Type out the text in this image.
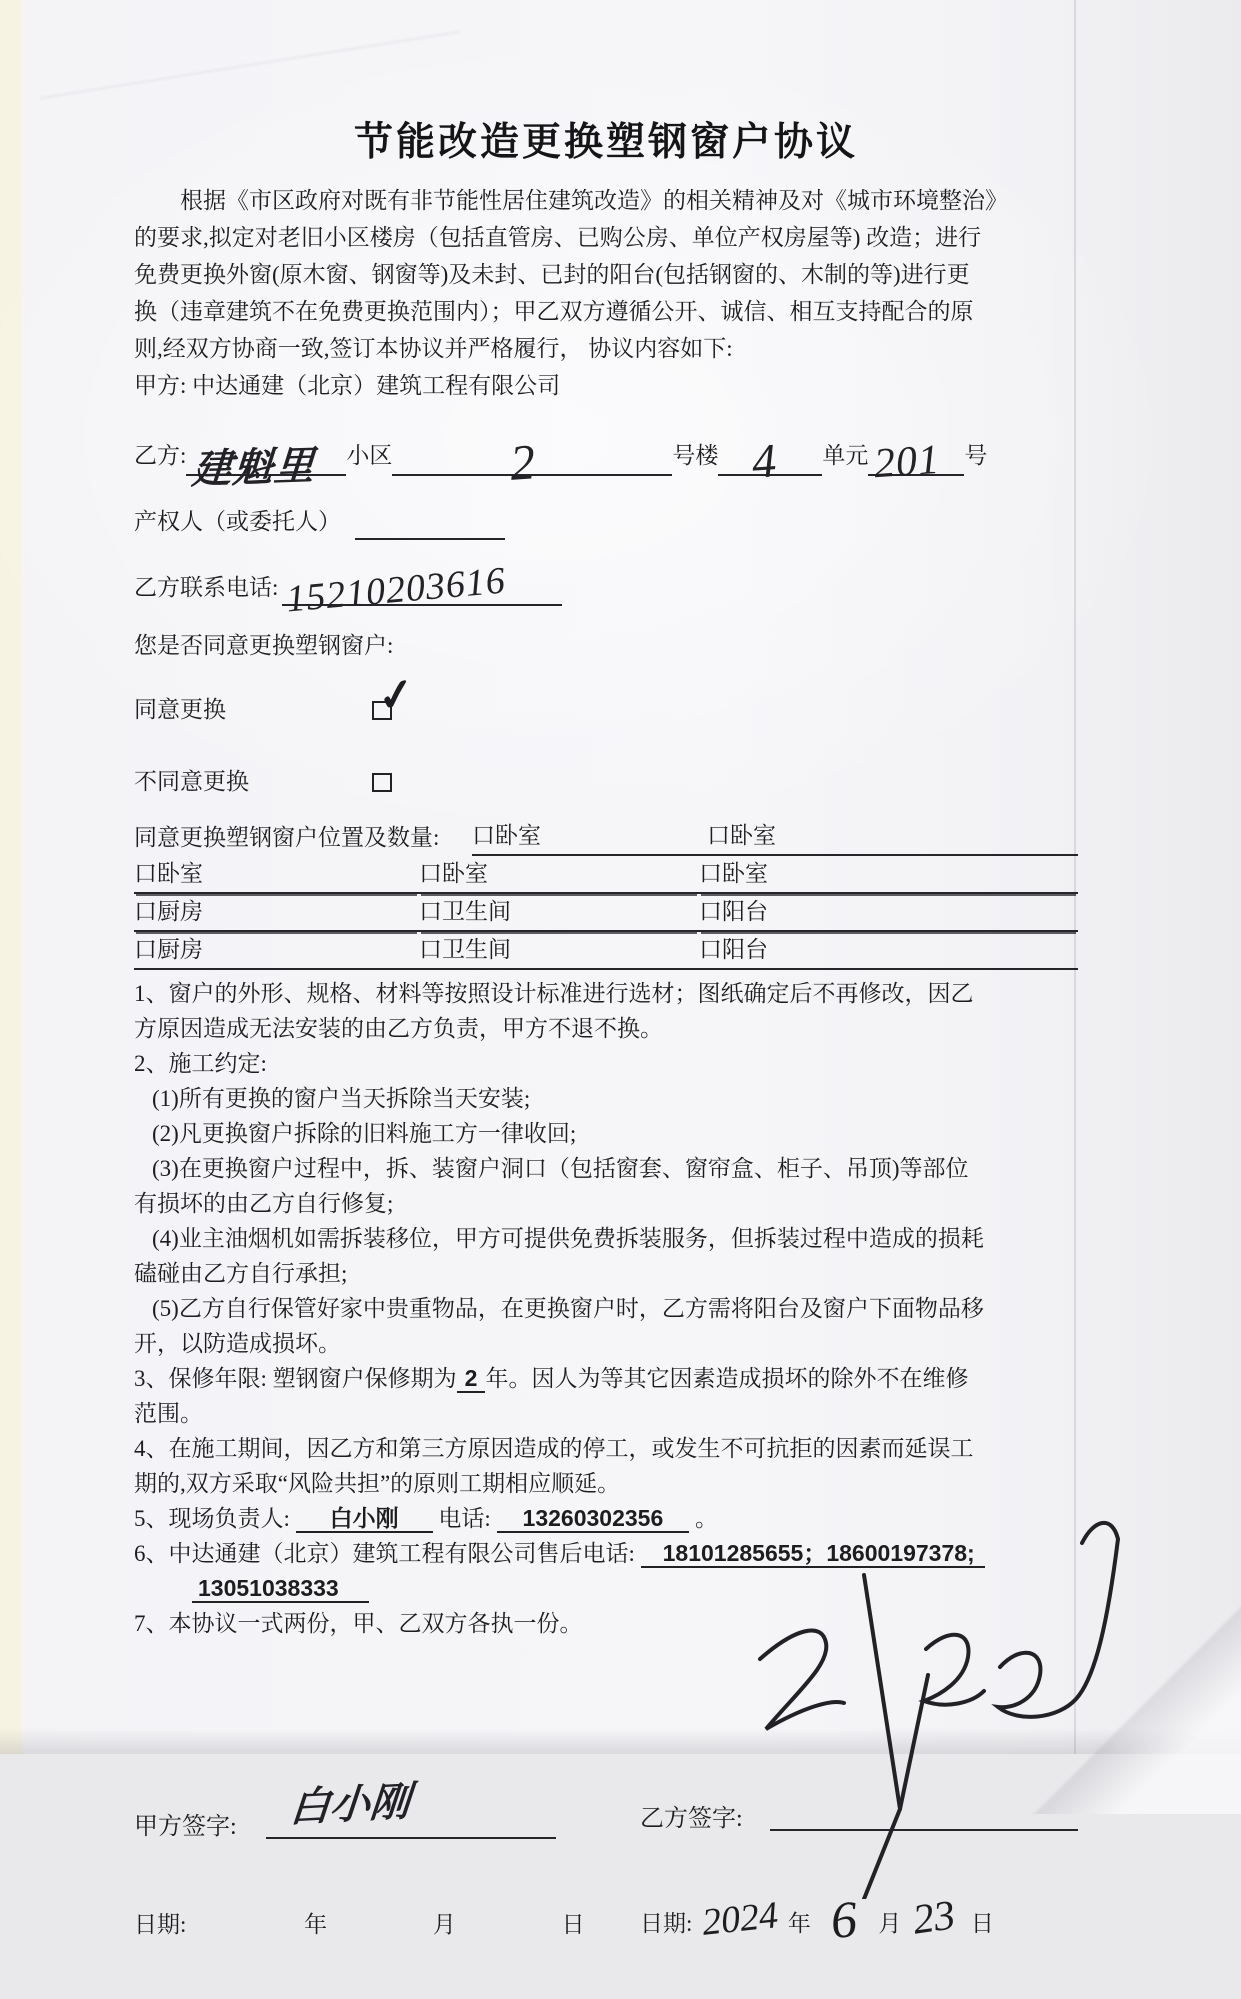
节能改造更换塑钢窗户协议
根据《市区政府对既有非节能性居住建筑改造》的相关精神及对《城市环境整治》
的要求,拟定对老旧小区楼房（包括直管房、已购公房、单位产权房屋等) 改造；进行
免费更换外窗(原木窗、钢窗等)及未封、已封的阳台(包括钢窗的、木制的等)进行更
换（违章建筑不在免费更换范围内）；甲乙双方遵循公开、诚信、相互支持配合的原
则,经双方协商一致,签订本协议并严格履行， 协议内容如下:
甲方: 中达通建（北京）建筑工程有限公司
乙方: 建魁里 小区 2	号楼 4 单元 201 号
产权人（或委托人）
乙方联系电话: 15210203616
您是否同意更换塑钢窗户:
同意更换	✓
不同意更换
同意更换塑钢窗户位置及数量:	口卧室	口卧室
口卧室	口卧室	口卧室
口厨房	口卫生间	口阳台
口厨房	口卫生间	口阳台
1、窗户的外形、规格、材料等按照设计标准进行选材；图纸确定后不再修改，因乙
方原因造成无法安装的由乙方负责，甲方不退不换。
2、施工约定:
(1)所有更换的窗户当天拆除当天安装;
(2)凡更换窗户拆除的旧料施工方一律收回;
(3)在更换窗户过程中，拆、装窗户洞口（包括窗套、窗帘盒、柜子、吊顶)等部位
有损坏的由乙方自行修复;
(4)业主油烟机如需拆装移位，甲方可提供免费拆装服务，但拆装过程中造成的损耗
磕碰由乙方自行承担;
(5)乙方自行保管好家中贵重物品，在更换窗户时，乙方需将阳台及窗户下面物品移
开，以防造成损坏。
3、保修年限: 塑钢窗户保修期为 2 年。因人为等其它因素造成损坏的除外不在维修
范围。
4、在施工期间，因乙方和第三方原因造成的停工，或发生不可抗拒的因素而延误工
期的,双方采取“风险共担”的原则工期相应顺延。
5、现场负责人: 白小刚 电话: 13260302356 。
6、中达通建（北京）建筑工程有限公司售后电话: 18101285655；18600197378;
13051038333
7、本协议一式两份，甲、乙双方各执一份。
甲方签字: 白小刚	乙方签字:
日期:	年	月	日 日期: 2024 年 6 月 23 日
